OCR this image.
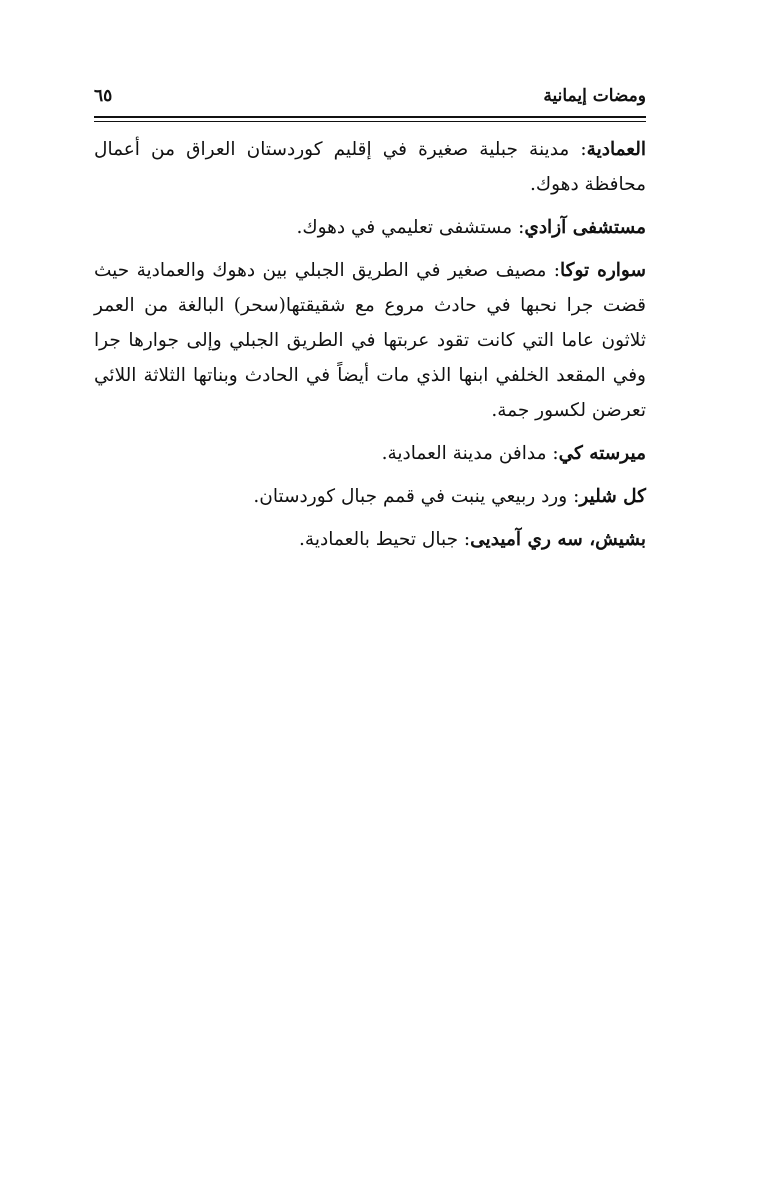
ومضات إيمانية
٦٥

العمادية: مدينة جبلية صغيرة في إقليم كوردستان العراق من أعمال محافظة دهوك.

مستشفى آزادي: مستشفى تعليمي في دهوك.

سواره توكا: مصيف صغير في الطريق الجبلي بين دهوك والعمادية حيث قضت جرا نحبها في حادث مروع مع شقيقتها(سحر) البالغة من العمر ثلاثون عاما التي كانت تقود عربتها في الطريق الجبلي وإلى جوارها جرا وفي المقعد الخلفي ابنها الذي مات أيضاً في الحادث وبناتها الثلاثة اللائي تعرضن لكسور جمة.

ميرسته كي: مدافن مدينة العمادية.

كل شلير: ورد ربيعي ينبت في قمم جبال كوردستان.

بشيش، سه ري آميديى: جبال تحيط بالعمادية.
